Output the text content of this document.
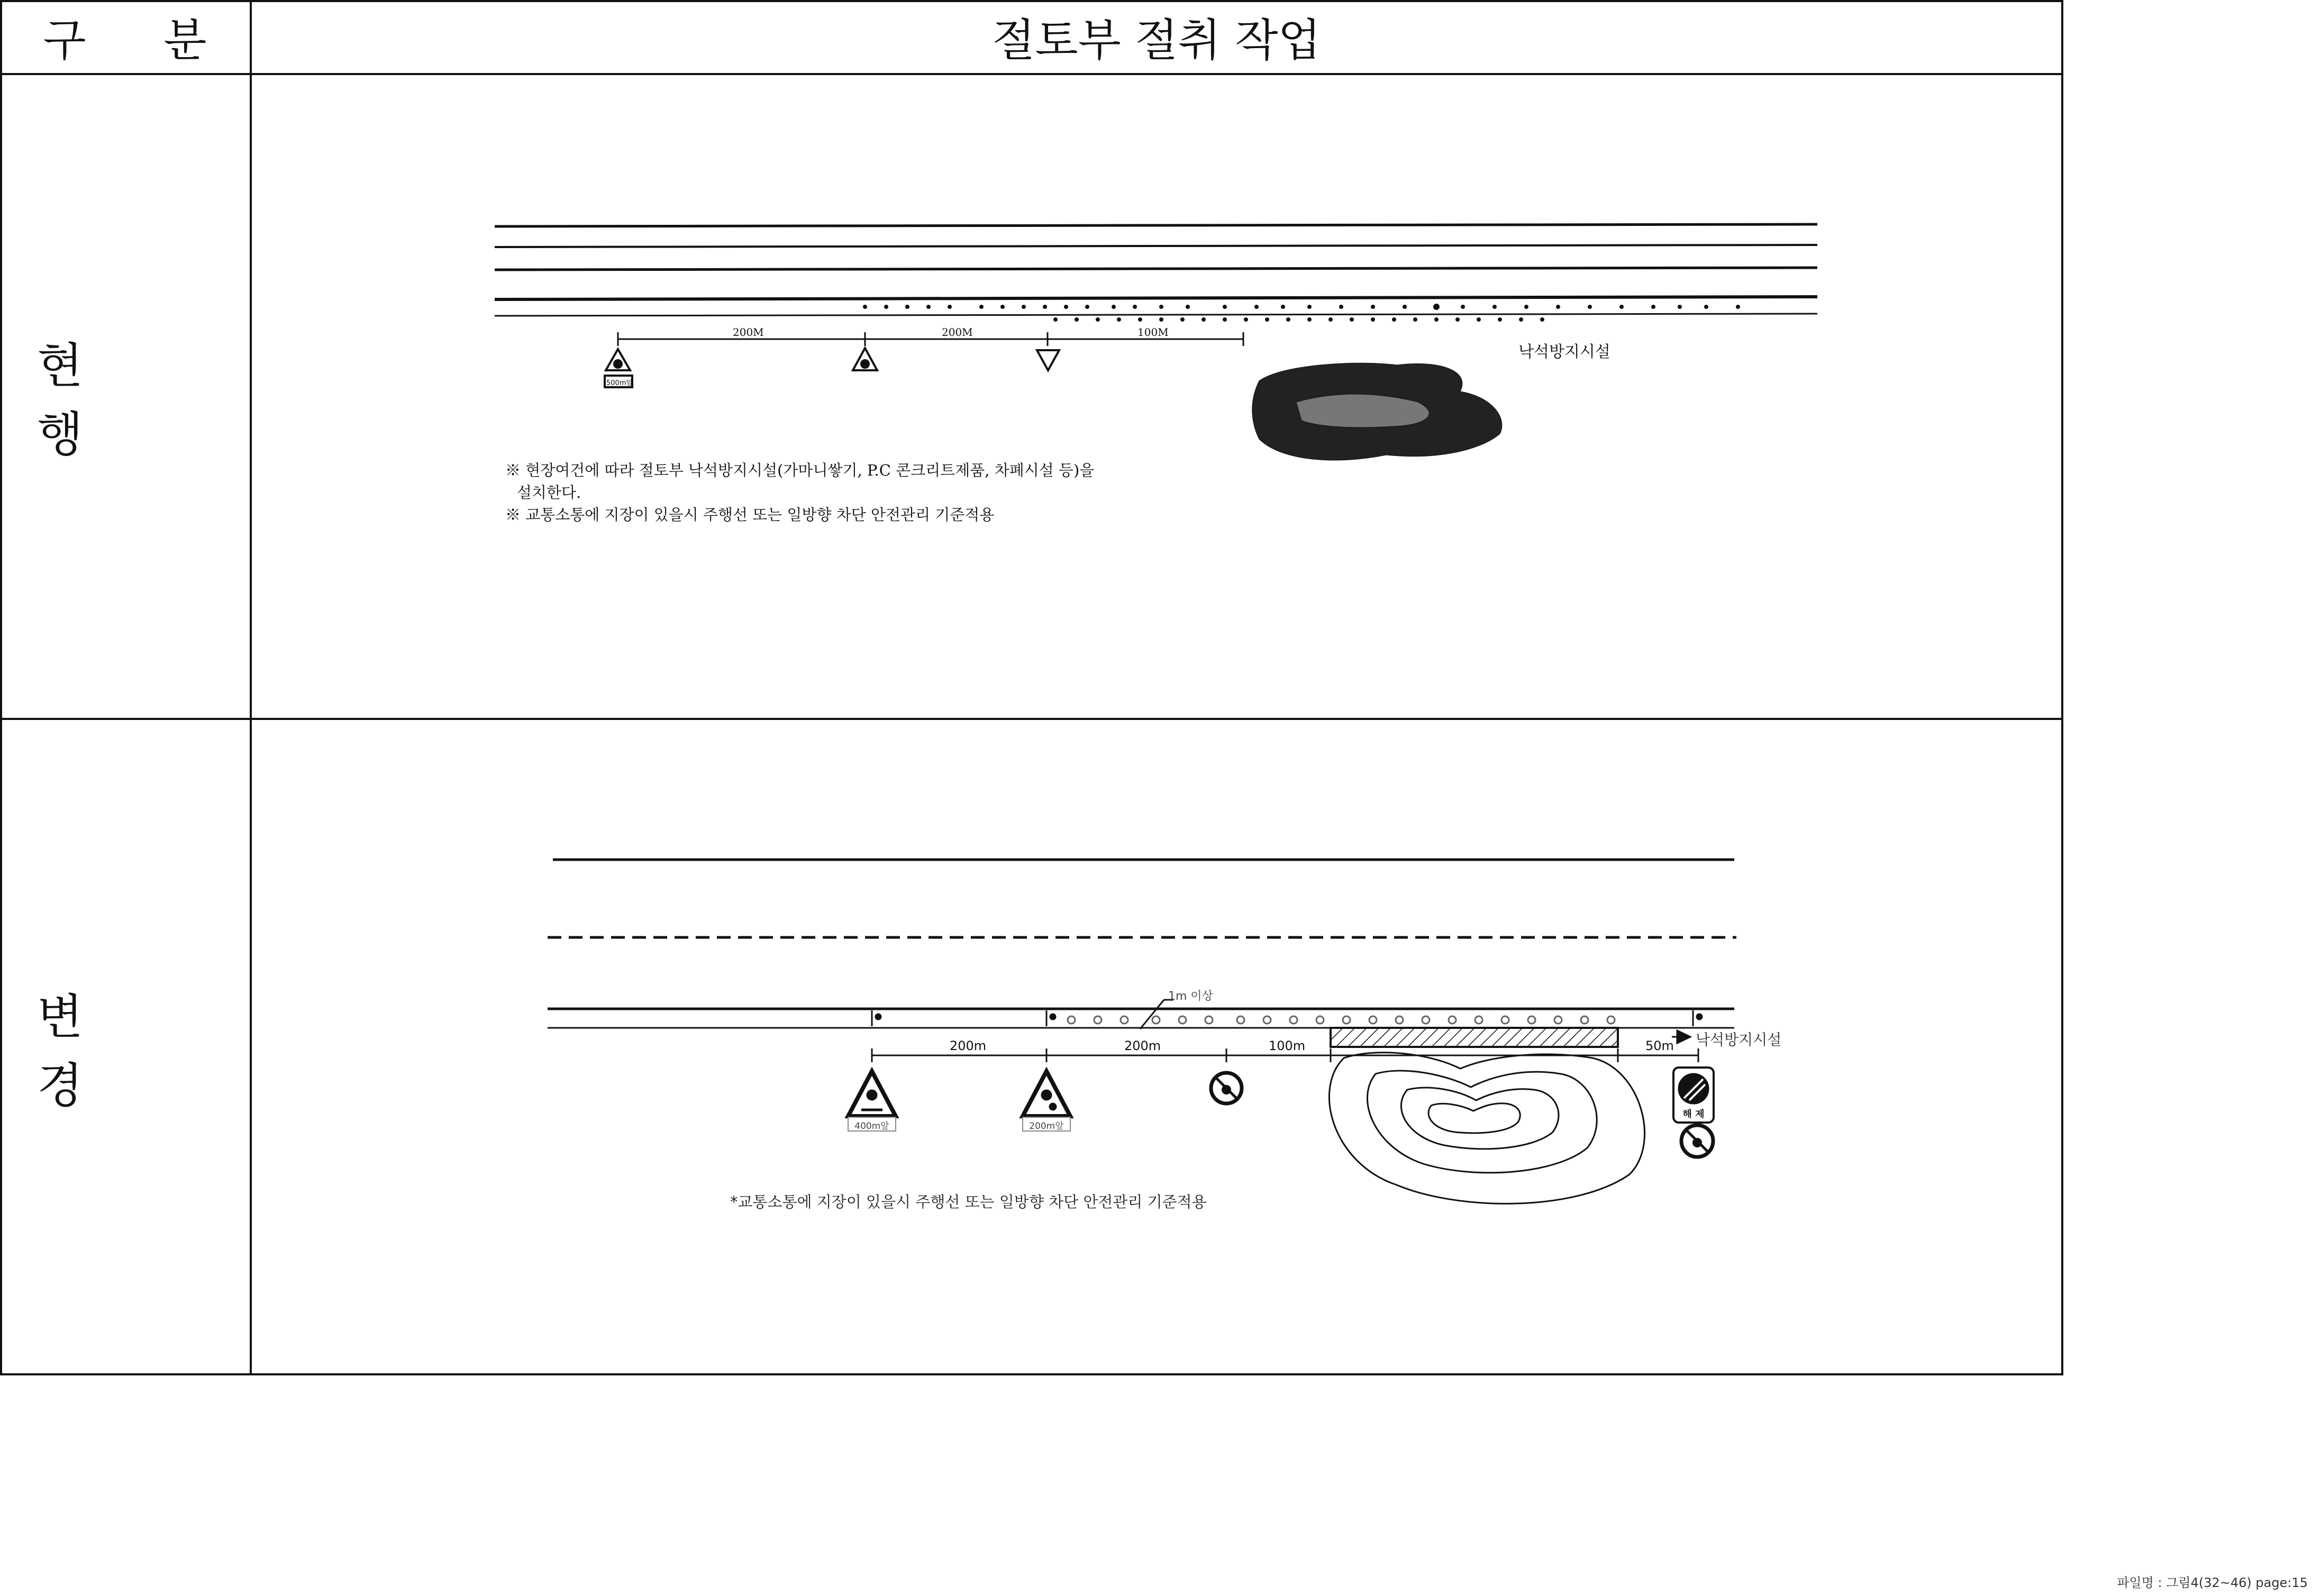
구 분	절토부 절취 작업
현 행
변 경
200M	200M	100M
500m앞
낙석방지시설
※ 현장여건에 따라 절토부 낙석방지시설(가마니쌓기, P.C 콘크리트제품, 차폐시설 등)을
설치한다.
※ 교통소통에 지장이 있을시 주행선 또는 일방향 차단 안전관리 기준적용
1m 이상
200m	200m	100m	50m 낙석방지시설
400m앞	200m앞
해 제
*교통소통에 지장이 있을시 주행선 또는 일방향 차단 안전관리 기준적용
파일명 : 그림4(32~46) page:15
